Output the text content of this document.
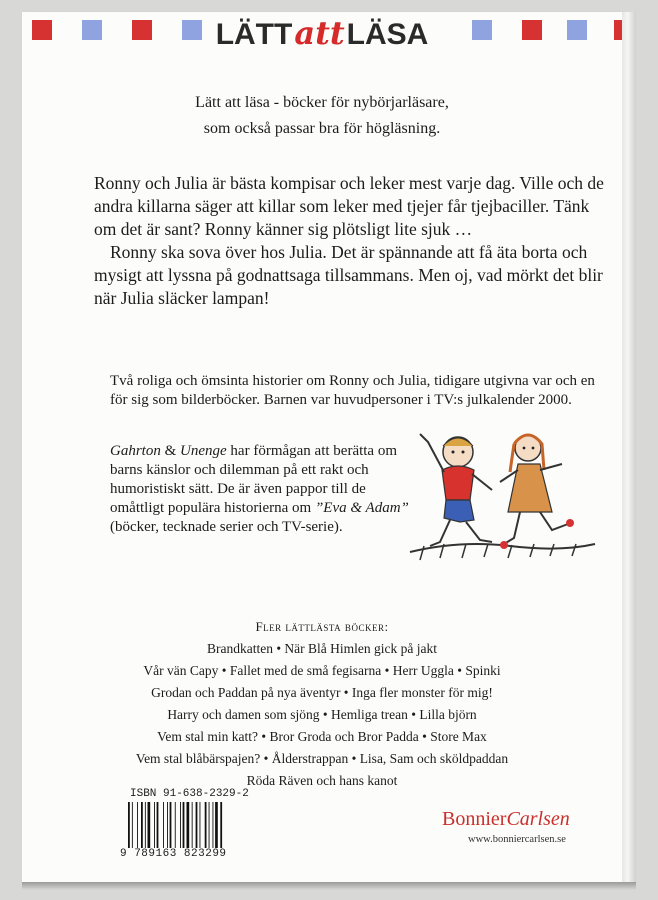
LÄTTattLÄSA
Lätt att läsa - böcker för nybörjarläsare,
som också passar bra för högläsning.

Ronny och Julia är bästa kompisar och leker mest varje dag. Ville och de andra killarna säger att killar som leker med tjejer får tjejbaciller. Tänk om det är sant? Ronny känner sig plötsligt lite sjuk …

Ronny ska sova över hos Julia. Det är spännande att få äta borta och mysigt att lyssna på godnattsaga tillsammans. Men oj, vad mörkt det blir när Julia släcker lampan!

Två roliga och ömsinta historier om Ronny och Julia, tidigare utgivna var och en för sig som bilderböcker. Barnen var huvudpersoner i TV:s julkalender 2000.
Gahrton & Unenge har förmågan att berätta om barns känslor och dilemman på ett rakt och humoristiskt sätt. De är även pappor till de omåttligt populära historierna om ”Eva & Adam” (böcker, tecknade serier och TV-serie).
Fler lättlästa böcker:
Brandkatten • När Blå Himlen gick på jakt
Vår vän Capy • Fallet med de små fegisarna • Herr Uggla • Spinki
Grodan och Paddan på nya äventyr • Inga fler monster för mig!
Harry och damen som sjöng • Hemliga trean • Lilla björn
Vem stal min katt? • Bror Groda och Bror Padda • Store Max
Vem stal blåbärspajen? • Ålderstrappan • Lisa, Sam och sköldpaddan
Röda Räven och hans kanot
ISBN 91-638-2329-2
9 789163 823299
BonnierCarlsen
www.bonniercarlsen.se
